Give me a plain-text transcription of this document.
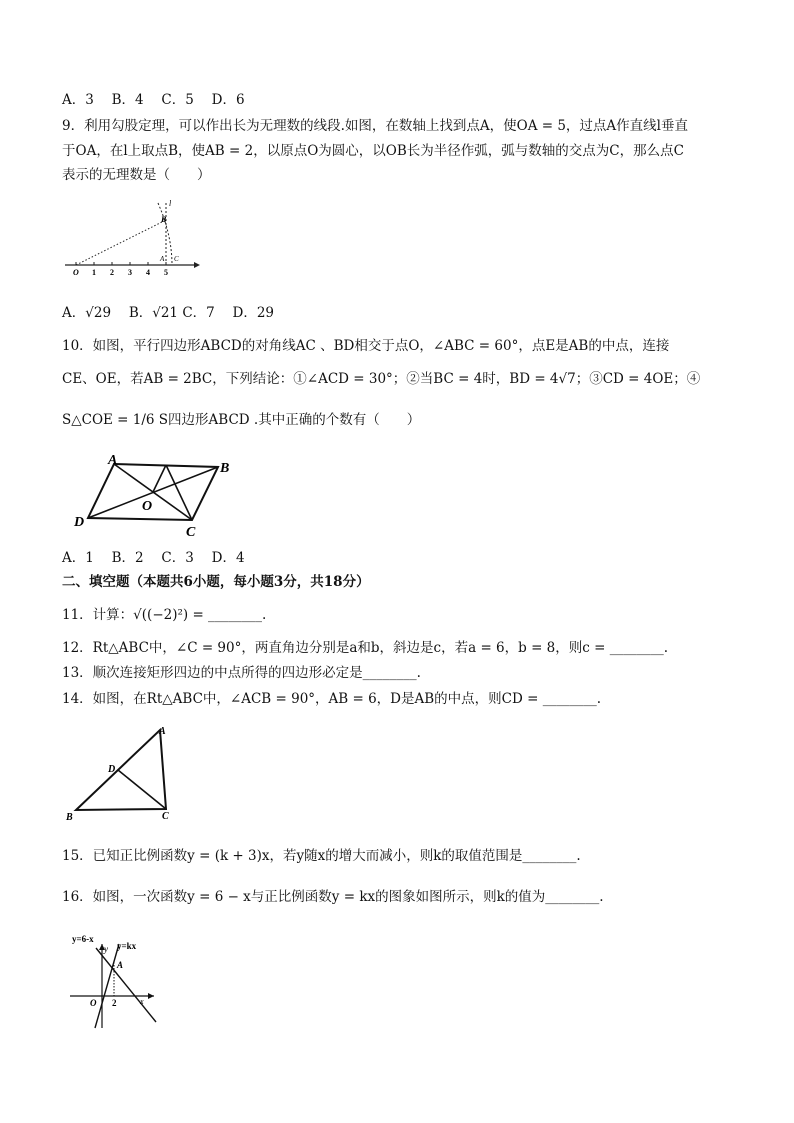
A．3　 B．4　 C．5　 D．6
9．利用勾股定理，可以作出长为无理数的线段.如图，在数轴上找到点A，使OA = 5，过点A作直线l垂直
于OA，在l上取点B，使AB = 2，以原点O为圆心，以OB长为半径作弧，弧与数轴的交点为C，那么点C
表示的无理数是（　　）
l
B
O 1 2 3 4
A
5
C
A．√29　 B．√21 C．7　 D．29
10．如图，平行四边形ABCD的对角线AC 、BD相交于点O，∠ABC = 60°，点E是AB的中点，连接
CE、OE，若AB = 2BC，下列结论：①∠ACD = 30°；②当BC = 4时，BD = 4√7；③CD = 4OE；④
S△COE = 1/6 S四边形ABCD .其中正确的个数有（　　）
A
B
D
O
C
A．1　 B．2　 C．3　 D．4
二、填空题（本题共6小题，每小题3分，共18分）
11．计算：√((−2)²) = ________.
12．Rt△ABC中，∠C = 90°，两直角边分别是a和b，斜边是c，若a = 6，b = 8，则c = ________.
13．顺次连接矩形四边的中点所得的四边形必定是________.
14．如图，在Rt△ABC中，∠ACB = 90°，AB = 6，D是AB的中点，则CD = ________.
A
D
B	C
15．已知正比例函数y = (k + 3)x，若y随x的增大而减小，则k的取值范围是________.
16．如图，一次函数y = 6 − x与正比例函数y = kx的图象如图所示，则k的值为________.
y=6-x
y=kx
y
A
O 2	x
